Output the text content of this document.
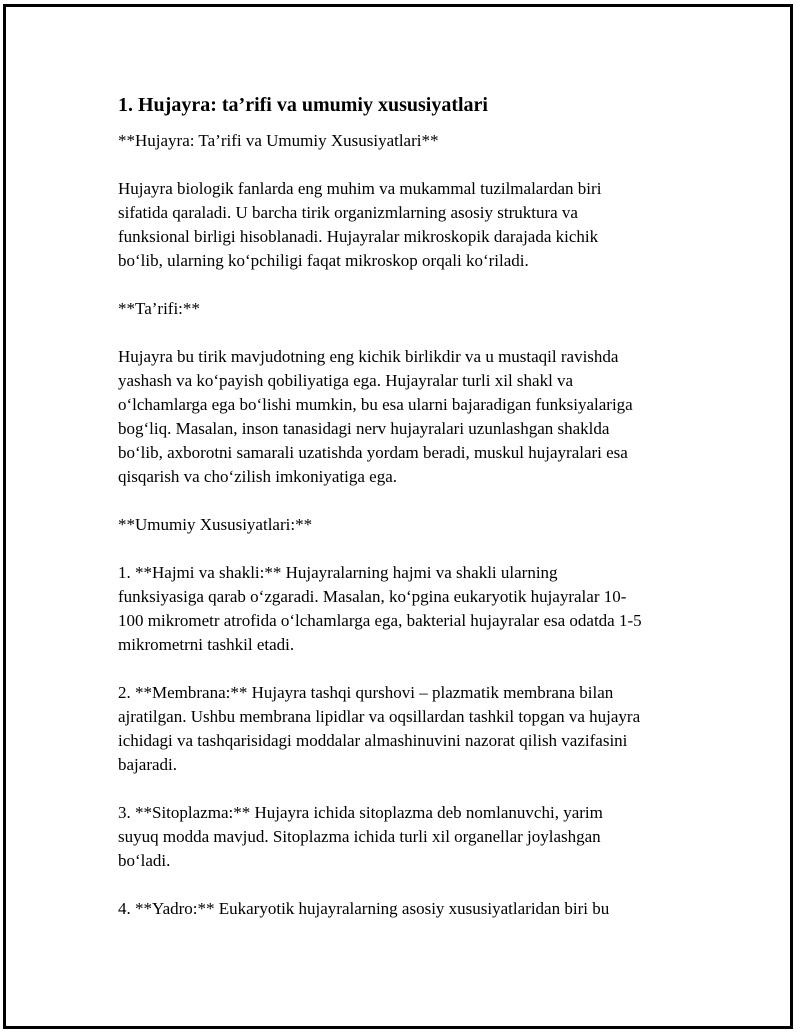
1. Hujayra: ta’rifi va umumiy xususiyatlari

**Hujayra: Ta’rifi va Umumiy Xususiyatlari**

Hujayra biologik fanlarda eng muhim va mukammal tuzilmalardan biri

sifatida qaraladi. U barcha tirik organizmlarning asosiy struktura va

funksional birligi hisoblanadi. Hujayralar mikroskopik darajada kichik

bo‘lib, ularning ko‘pchiligi faqat mikroskop orqali ko‘riladi.

**Ta’rifi:**

Hujayra bu tirik mavjudotning eng kichik birlikdir va u mustaqil ravishda

yashash va ko‘payish qobiliyatiga ega. Hujayralar turli xil shakl va

o‘lchamlarga ega bo‘lishi mumkin, bu esa ularni bajaradigan funksiyalariga

bog‘liq. Masalan, inson tanasidagi nerv hujayralari uzunlashgan shaklda

bo‘lib, axborotni samarali uzatishda yordam beradi, muskul hujayralari esa

qisqarish va cho‘zilish imkoniyatiga ega.

**Umumiy Xususiyatlari:**

1. **Hajmi va shakli:** Hujayralarning hajmi va shakli ularning

funksiyasiga qarab o‘zgaradi. Masalan, ko‘pgina eukaryotik hujayralar 10-

100 mikrometr atrofida o‘lchamlarga ega, bakterial hujayralar esa odatda 1-5

mikrometrni tashkil etadi.

2. **Membrana:** Hujayra tashqi qurshovi – plazmatik membrana bilan

ajratilgan. Ushbu membrana lipidlar va oqsillardan tashkil topgan va hujayra

ichidagi va tashqarisidagi moddalar almashinuvini nazorat qilish vazifasini

bajaradi.

3. **Sitoplazma:** Hujayra ichida sitoplazma deb nomlanuvchi, yarim

suyuq modda mavjud. Sitoplazma ichida turli xil organellar joylashgan

bo‘ladi.

4. **Yadro:** Eukaryotik hujayralarning asosiy xususiyatlaridan biri bu
